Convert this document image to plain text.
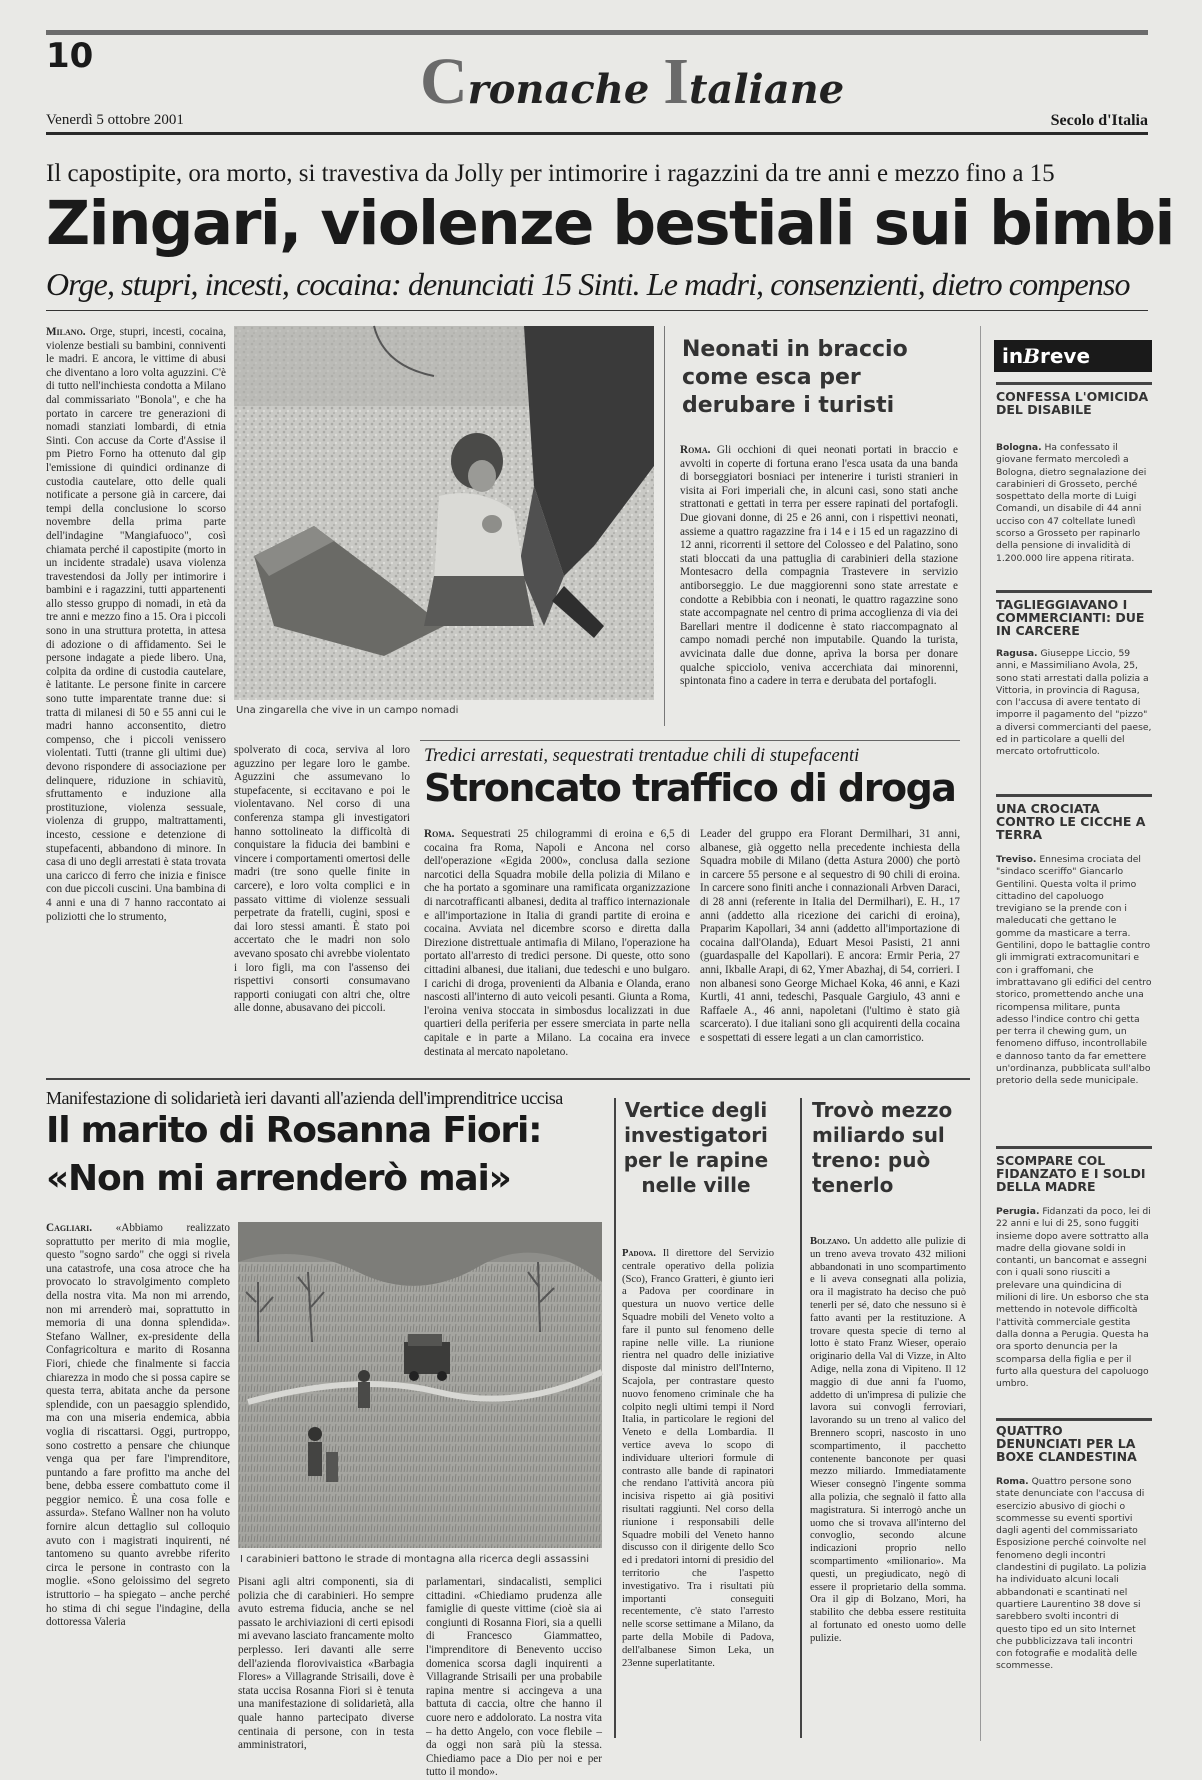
10	Cronache Italiane
Venerdì 5 ottobre 2001	Secolo d'Italia
Il capostipite, ora morto, si travestiva da Jolly per intimorire i ragazzini da tre anni e mezzo fino a 15
Zingari, violenze bestiali sui bimbi
Orge, stupri, incesti, cocaina: denunciati 15 Sinti. Le madri, consenzienti, dietro compenso
Milano. Orge, stupri, incesti, cocaina, violenze bestiali su bambini, conniventi le madri. E ancora, le vittime di abusi che diventano a loro volta aguzzini. C'è di tutto nell'inchiesta condotta a Milano dal commissariato "Bonola", e che ha portato in carcere tre generazioni di nomadi stanziati lombardi, di etnia Sinti. Con accuse da Corte d'Assise il pm Pietro Forno ha ottenuto dal gip l'emissione di quindici ordinanze di custodia cautelare, otto delle quali notificate a persone già in carcere, dai tempi della conclusione lo scorso novembre della prima parte dell'indagine "Mangiafuoco", così chiamata perché il capostipite (morto in un incidente stradale) usava violenza travestendosi da Jolly per intimorire i bambini e i ragazzini, tutti appartenenti allo stesso gruppo di nomadi, in età da tre anni e mezzo fino a 15. Ora i piccoli sono in una struttura protetta, in attesa di adozione o di affidamento. Sei le persone indagate a piede libero. Una, colpita da ordine di custodia cautelare, è latitante. Le persone finite in carcere sono tutte imparentate tranne due: si tratta di milanesi di 50 e 55 anni cui le madri hanno acconsentito, dietro compenso, che i piccoli venissero violentati. Tutti (tranne gli ultimi due) devono rispondere di associazione per delinquere, riduzione in schiavitù, sfruttamento e induzione alla prostituzione, violenza sessuale, violenza di gruppo, maltrattamenti, incesto, cessione e detenzione di stupefacenti, abbandono di minore. In casa di uno degli arrestati è stata trovata una caricco di ferro che inizia e finisce con due piccoli cuscini. Una bambina di 4 anni e una di 7 hanno raccontato ai poliziotti che lo strumento,
Una zingarella che vive in un campo nomadi
spolverato di coca, serviva al loro aguzzino per legare loro le gambe. Aguzzini che assumevano lo stupefacente, si eccitavano e poi le violentavano. Nel corso di una conferenza stampa gli investigatori hanno sottolineato la difficoltà di conquistare la fiducia dei bambini e vincere i comportamenti omertosi delle madri (tre sono quelle finite in carcere), e loro volta complici e in passato vittime di violenze sessuali perpetrate da fratelli, cugini, sposi e dai loro stessi amanti. È stato poi accertato che le madri non solo avevano sposato chi avrebbe violentato i loro figli, ma con l'assenso dei rispettivi consorti consumavano rapporti coniugati con altri che, oltre alle donne, abusavano dei piccoli.
Neonati in braccio come esca per derubare i turisti
Roma. Gli occhioni di quei neonati portati in braccio e avvolti in coperte di fortuna erano l'esca usata da una banda di borseggiatori bosniaci per intenerire i turisti stranieri in visita ai Fori imperiali che, in alcuni casi, sono stati anche strattonati e gettati in terra per essere rapinati del portafogli. Due giovani donne, di 25 e 26 anni, con i rispettivi neonati, assieme a quattro ragazzine fra i 14 e i 15 ed un ragazzino di 12 anni, ricorrenti il settore del Colosseo e del Palatino, sono stati bloccati da una pattuglia di carabinieri della stazione Montesacro della compagnia Trastevere in servizio antiborseggio. Le due maggiorenni sono state arrestate e condotte a Rebibbia con i neonati, le quattro ragazzine sono state accompagnate nel centro di prima accoglienza di via dei Barellari mentre il dodicenne è stato riaccompagnato al campo nomadi perché non imputabile. Quando la turista, avvicinata dalle due donne, aprìva la borsa per donare qualche spicciolo, veniva accerchiata dai minorenni, spintonata fino a cadere in terra e derubata del portafogli.
Tredici arrestati, sequestrati trentadue chili di stupefacenti
Stroncato traffico di droga
Roma. Sequestrati 25 chilogrammi di eroina e 6,5 di cocaina fra Roma, Napoli e Ancona nel corso dell'operazione «Egida 2000», conclusa dalla sezione narcotici della Squadra mobile della polizia di Milano e che ha portato a sgominare una ramificata organizzazione di narcotrafficanti albanesi, dedita al traffico internazionale e all'importazione in Italia di grandi partite di eroina e cocaina. Avviata nel dicembre scorso e diretta dalla Direzione distrettuale antimafia di Milano, l'operazione ha portato all'arresto di tredici persone. Di queste, otto sono cittadini albanesi, due italiani, due tedeschi e uno bulgaro. I carichi di droga, provenienti da Albania e Olanda, erano nascosti all'interno di auto veicoli pesanti. Giunta a Roma, l'eroina veniva stoccata in simbosdus localizzati in due quartieri della periferia per essere smerciata in parte nella capitale e in parte a Milano. La cocaina era invece destinata al mercato napoletano.
Leader del gruppo era Florant Dermilhari, 31 anni, albanese, già oggetto nella precedente inchiesta della Squadra mobile di Milano (detta Astura 2000) che portò in carcere 55 persone e al sequestro di 90 chili di eroina. In carcere sono finiti anche i connazionali Arbven Daraci, di 28 anni (referente in Italia del Dermilhari), E. H., 17 anni (addetto alla ricezione dei carichi di eroina), Praparim Kapollari, 34 anni (addetto all'importazione di cocaina dall'Olanda), Eduart Mesoi Pasisti, 21 anni (guardaspalle del Kapollari). E ancora: Ermir Peria, 27 anni, Ikballe Arapi, di 62, Ymer Abazhaj, di 54, corrieri. I non albanesi sono George Michael Koka, 46 anni, e Kazi Kurtli, 41 anni, tedeschi, Pasquale Gargiulo, 43 anni e Raffaele A., 46 anni, napoletani (l'ultimo è stato già scarcerato). I due italiani sono gli acquirenti della cocaina e sospettati di essere legati a un clan camorristico.
inBreve
CONFESSA L'OMICIDA DEL DISABILE
Bologna. Ha confessato il giovane fermato mercoledì a Bologna, dietro segnalazione dei carabinieri di Grosseto, perché sospettato della morte di Luigi Comandi, un disabile di 44 anni ucciso con 47 coltellate lunedì scorso a Grosseto per rapinarlo della pensione di invalidità di 1.200.000 lire appena ritirata.
TAGLIEGGIAVANO I COMMERCIANTI: DUE IN CARCERE
Ragusa. Giuseppe Liccio, 59 anni, e Massimiliano Avola, 25, sono stati arrestati dalla polizia a Vittoria, in provincia di Ragusa, con l'accusa di avere tentato di imporre il pagamento del "pizzo" a diversi commercianti del paese, ed in particolare a quelli del mercato ortofrutticolo.
UNA CROCIATA CONTRO LE CICCHE A TERRA
Treviso. Ennesima crociata del "sindaco sceriffo" Giancarlo Gentilini. Questa volta il primo cittadino del capoluogo trevigiano se la prende con i maleducati che gettano le gomme da masticare a terra. Gentilini, dopo le battaglie contro gli immigrati extracomunitari e con i graffomani, che imbrattavano gli edifici del centro storico, promettendo anche una ricompensa militare, punta adesso l'indice contro chi getta per terra il chewing gum, un fenomeno diffuso, incontrollabile e dannoso tanto da far emettere un'ordinanza, pubblicata sull'albo pretorio della sede municipale.
SCOMPARE COL FIDANZATO E I SOLDI DELLA MADRE
Perugia. Fidanzati da poco, lei di 22 anni e lui di 25, sono fuggiti insieme dopo avere sottratto alla madre della giovane soldi in contanti, un bancomat e assegni con i quali sono riusciti a prelevare una quindicina di milioni di lire. Un esborso che sta mettendo in notevole difficoltà l'attività commerciale gestita dalla donna a Perugia. Questa ha ora sporto denuncia per la scomparsa della figlia e per il furto alla questura del capoluogo umbro.
QUATTRO DENUNCIATI PER LA BOXE CLANDESTINA
Roma. Quattro persone sono state denunciate con l'accusa di esercizio abusivo di giochi o scommesse su eventi sportivi dagli agenti del commissariato Esposizione perché coinvolte nel fenomeno degli incontri clandestini di pugilato. La polizia ha individuato alcuni locali abbandonati e scantinati nel quartiere Laurentino 38 dove si sarebbero svolti incontri di questo tipo ed un sito Internet che pubblicizzava tali incontri con fotografie e modalità delle scommesse.
Manifestazione di solidarietà ieri davanti all'azienda dell'imprenditrice uccisa
Il marito di Rosanna Fiori:
«Non mi arrenderò mai»
Cagliari. «Abbiamo realizzato soprattutto per merito di mia moglie, questo "sogno sardo" che oggi si rivela una catastrofe, una cosa atroce che ha provocato lo stravolgimento completo della nostra vita. Ma non mi arrendo, non mi arrenderò mai, soprattutto in memoria di una donna splendida». Stefano Wallner, ex-presidente della Confagricoltura e marito di Rosanna Fiori, chiede che finalmente si faccia chiarezza in modo che si possa capire se questa terra, abitata anche da persone splendide, con un paesaggio splendido, ma con una miseria endemica, abbia voglia di riscattarsi. Oggi, purtroppo, sono costretto a pensare che chiunque venga qua per fare l'imprenditore, puntando a fare profitto ma anche del bene, debba essere combattuto come il peggior nemico. È una cosa folle e assurda». Stefano Wallner non ha voluto fornire alcun dettaglio sul colloquio avuto con i magistrati inquirenti, né tantomeno su quanto avrebbe riferito circa le persone in contrasto con la moglie. «Sono geloissimo del segreto istruttorio – ha spiegato – anche perché ho stima di chi segue l'indagine, della dottoressa Valeria
I carabinieri battono le strade di montagna alla ricerca degli assassini
Pisani agli altri componenti, sia di polizia che di carabinieri. Ho sempre avuto estrema fiducia, anche se nel passato le archiviazioni di certi episodi mi avevano lasciato francamente molto perplesso. Ieri davanti alle serre dell'azienda florovivaistica «Barbagia Flores» a Villagrande Strisaili, dove è stata uccisa Rosanna Fiori si è tenuta una manifestazione di solidarietà, alla quale hanno partecipato diverse centinaia di persone, con in testa amministratori,
parlamentari, sindacalisti, semplici cittadini. «Chiediamo prudenza alle famiglie di queste vittime (cioè sia ai congiunti di Rosanna Fiori, sia a quelli di Francesco Giammatteo, l'imprenditore di Benevento ucciso domenica scorsa dagli inquirenti a Villagrande Strisaili per una probabile rapina mentre si accingeva a una battuta di caccia, oltre che hanno il cuore nero e addolorato. La nostra vita – ha detto Angelo, con voce flebile – da oggi non sarà più la stessa. Chiediamo pace a Dio per noi e per tutto il mondo».
Vertice degli investigatori per le rapine nelle ville
Padova. Il direttore del Servizio centrale operativo della polizia (Sco), Franco Gratteri, è giunto ieri a Padova per coordinare in questura un nuovo vertice delle Squadre mobili del Veneto volto a fare il punto sul fenomeno delle rapine nelle ville. La riunione rientra nel quadro delle iniziative disposte dal ministro dell'Interno, Scajola, per contrastare questo nuovo fenomeno criminale che ha colpito negli ultimi tempi il Nord Italia, in particolare le regioni del Veneto e della Lombardia. Il vertice aveva lo scopo di individuare ulteriori formule di contrasto alle bande di rapinatori che rendano l'attività ancora più incisiva rispetto ai già positivi risultati raggiunti. Nel corso della riunione i responsabili delle Squadre mobili del Veneto hanno discusso con il dirigente dello Sco ed i predatori intorni di presidio del territorio che l'aspetto investigativo. Tra i risultati più importanti conseguiti recentemente, c'è stato l'arresto nelle scorse settimane a Milano, da parte della Mobile di Padova, dell'albanese Simon Leka, un 23enne superlatitante.
Trovò mezzo miliardo sul treno: può tenerlo
Bolzano. Un addetto alle pulizie di un treno aveva trovato 432 milioni abbandonati in uno scompartimento e li aveva consegnati alla polizia, ora il magistrato ha deciso che può tenerli per sé, dato che nessuno si è fatto avanti per la restituzione. A trovare questa specie di terno al lotto è stato Franz Wieser, operaio originario della Val di Vizze, in Alto Adige, nella zona di Vipiteno. Il 12 maggio di due anni fa l'uomo, addetto di un'impresa di pulizie che lavora sui convogli ferroviari, lavorando su un treno al valico del Brennero scoprì, nascosto in uno scompartimento, il pacchetto contenente banconote per quasi mezzo miliardo. Immediatamente Wieser consegnò l'ingente somma alla polizia, che segnalò il fatto alla magistratura. Si interrogò anche un uomo che si trovava all'interno del convoglio, secondo alcune indicazioni proprio nello scompartimento «milionario». Ma questi, un pregiudicato, negò di essere il proprietario della somma. Ora il gip di Bolzano, Mori, ha stabilito che debba essere restituita al fortunato ed onesto uomo delle pulizie.
